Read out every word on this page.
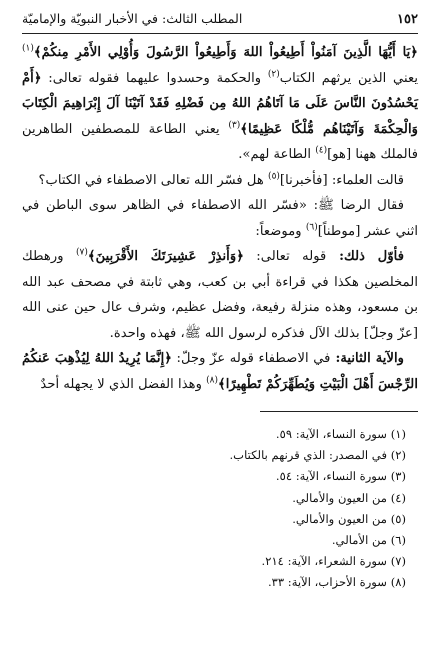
١٥٢
المطلب الثالث: في الأخبار النبويّة والإماميّة

﴿يَا أَيُّهَا الَّذِينَ آمَنُواْ أَطِيعُواْ اللهَ وَأَطِيعُواْ الرَّسُولَ وَأُوْلِي الأَمْرِ مِنكُمْ﴾$^{(١)}$ يعني الذين يرثهم الكتاب$^{(٢)}$ والحكمة وحسدوا عليهما فقوله تعالى: ﴿أَمْ يَحْسُدُونَ النَّاسَ عَلَى مَا آتَاهُمُ اللهُ مِن فَضْلِهِ فَقَدْ آتَيْنَا آلَ إِبْرَاهِيمَ الْكِتَابَ وَالْحِكْمَةَ وَآتَيْنَاهُم مُّلْكًا عَظِيمًا﴾$^{(٣)}$ يعني الطاعة للمصطفين الطاهرين فالملك ههنا [هو]$^{(٤)}$ الطاعة لهم».

قالت العلماء: [فأخبرنا]$^{(٥)}$ هل فسّر الله تعالى الاصطفاء في الكتاب؟

فقال الرضا ﷺ: «فسّر الله الاصطفاء في الظاهر سوى الباطن في اثني عشر [موطناً]$^{(٦)}$ وموضعاً:

فأوّل ذلك: قوله تعالى: ﴿وَأَنذِرْ عَشِيرَتَكَ الأَقْرَبِينَ﴾$^{(٧)}$ ورهطك المخلصين هكذا في قراءة أبي بن كعب، وهي ثابتة في مصحف عبد الله بن مسعود، وهذه منزلة رفيعة، وفضل عظيم، وشرف عال حين عنى الله [عزّ وجلّ] بذلك الآل فذكره لرسول الله ﷺ، فهذه واحدة.

والآية الثانية: في الاصطفاء قوله عزّ وجلّ: ﴿إِنَّمَا يُرِيدُ اللهُ لِيُذْهِبَ عَنكُمُ الرِّجْسَ أَهْلَ الْبَيْتِ وَيُطَهِّرَكُمْ تَطْهِيرًا﴾$^{(٨)}$ وهذا الفضل الذي لا يجهله أحدٌ

(١) سورة النساء، الآية: ٥٩.
(٢) في المصدر: الذي قرنهم بالكتاب.
(٣) سورة النساء، الآية: ٥٤.
(٤) من العيون والأمالي.
(٥) من العيون والأمالي.
(٦) من الأمالي.
(٧) سورة الشعراء، الآية: ٢١٤.
(٨) سورة الأحزاب، الآية: ٣٣.
